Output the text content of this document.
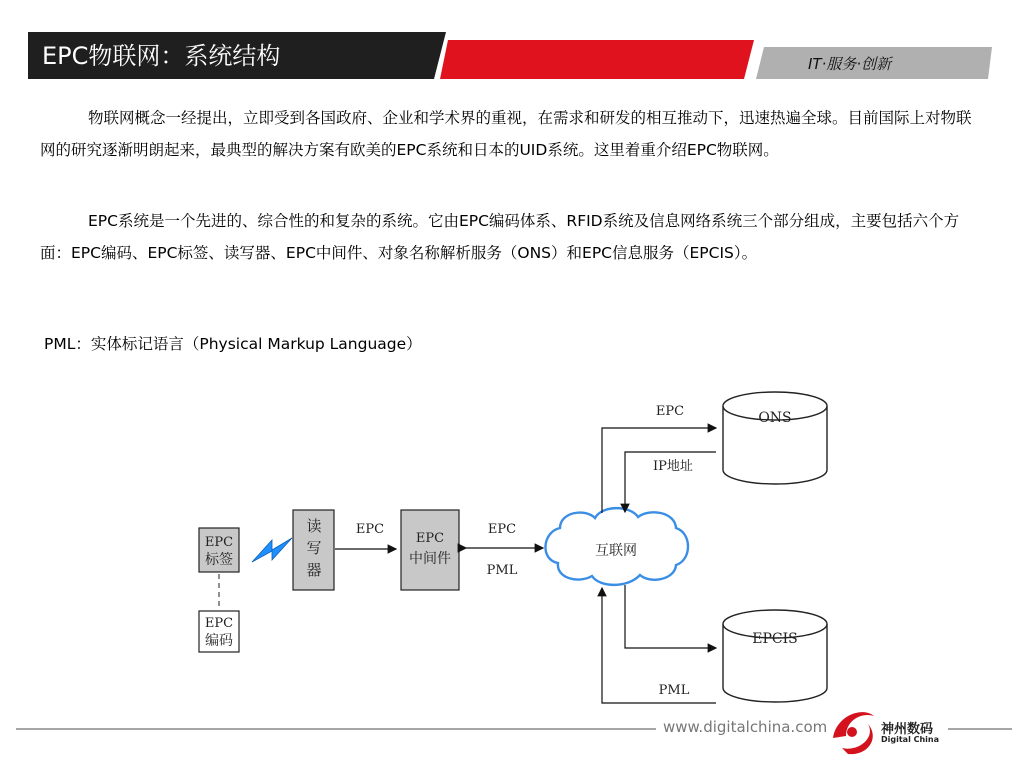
EPC物联网：系统结构	IT·服务·创新

物联网概念一经提出，立即受到各国政府、企业和学术界的重视，在需求和研发的相互推动下，迅速热遍全球。目前国际上对物联网的研究逐渐明朗起来，最典型的解决方案有欧美的EPC系统和日本的UID系统。这里着重介绍EPC物联网。

EPC系统是一个先进的、综合性的和复杂的系统。它由EPC编码体系、RFID系统及信息网络系统三个部分组成，主要包括六个方面：EPC编码、EPC标签、读写器、EPC中间件、对象名称解析服务（ONS）和EPC信息服务（EPCIS）。

PML：实体标记语言（Physical Markup Language）
EPC
标签
EPC
编码
读
写
器
EPC
EPC
中间件
EPC
PML
互联网
EPC
IP地址
ONS
PML
EPCIS
www.digitalchina.com	神州数码
Digital China
